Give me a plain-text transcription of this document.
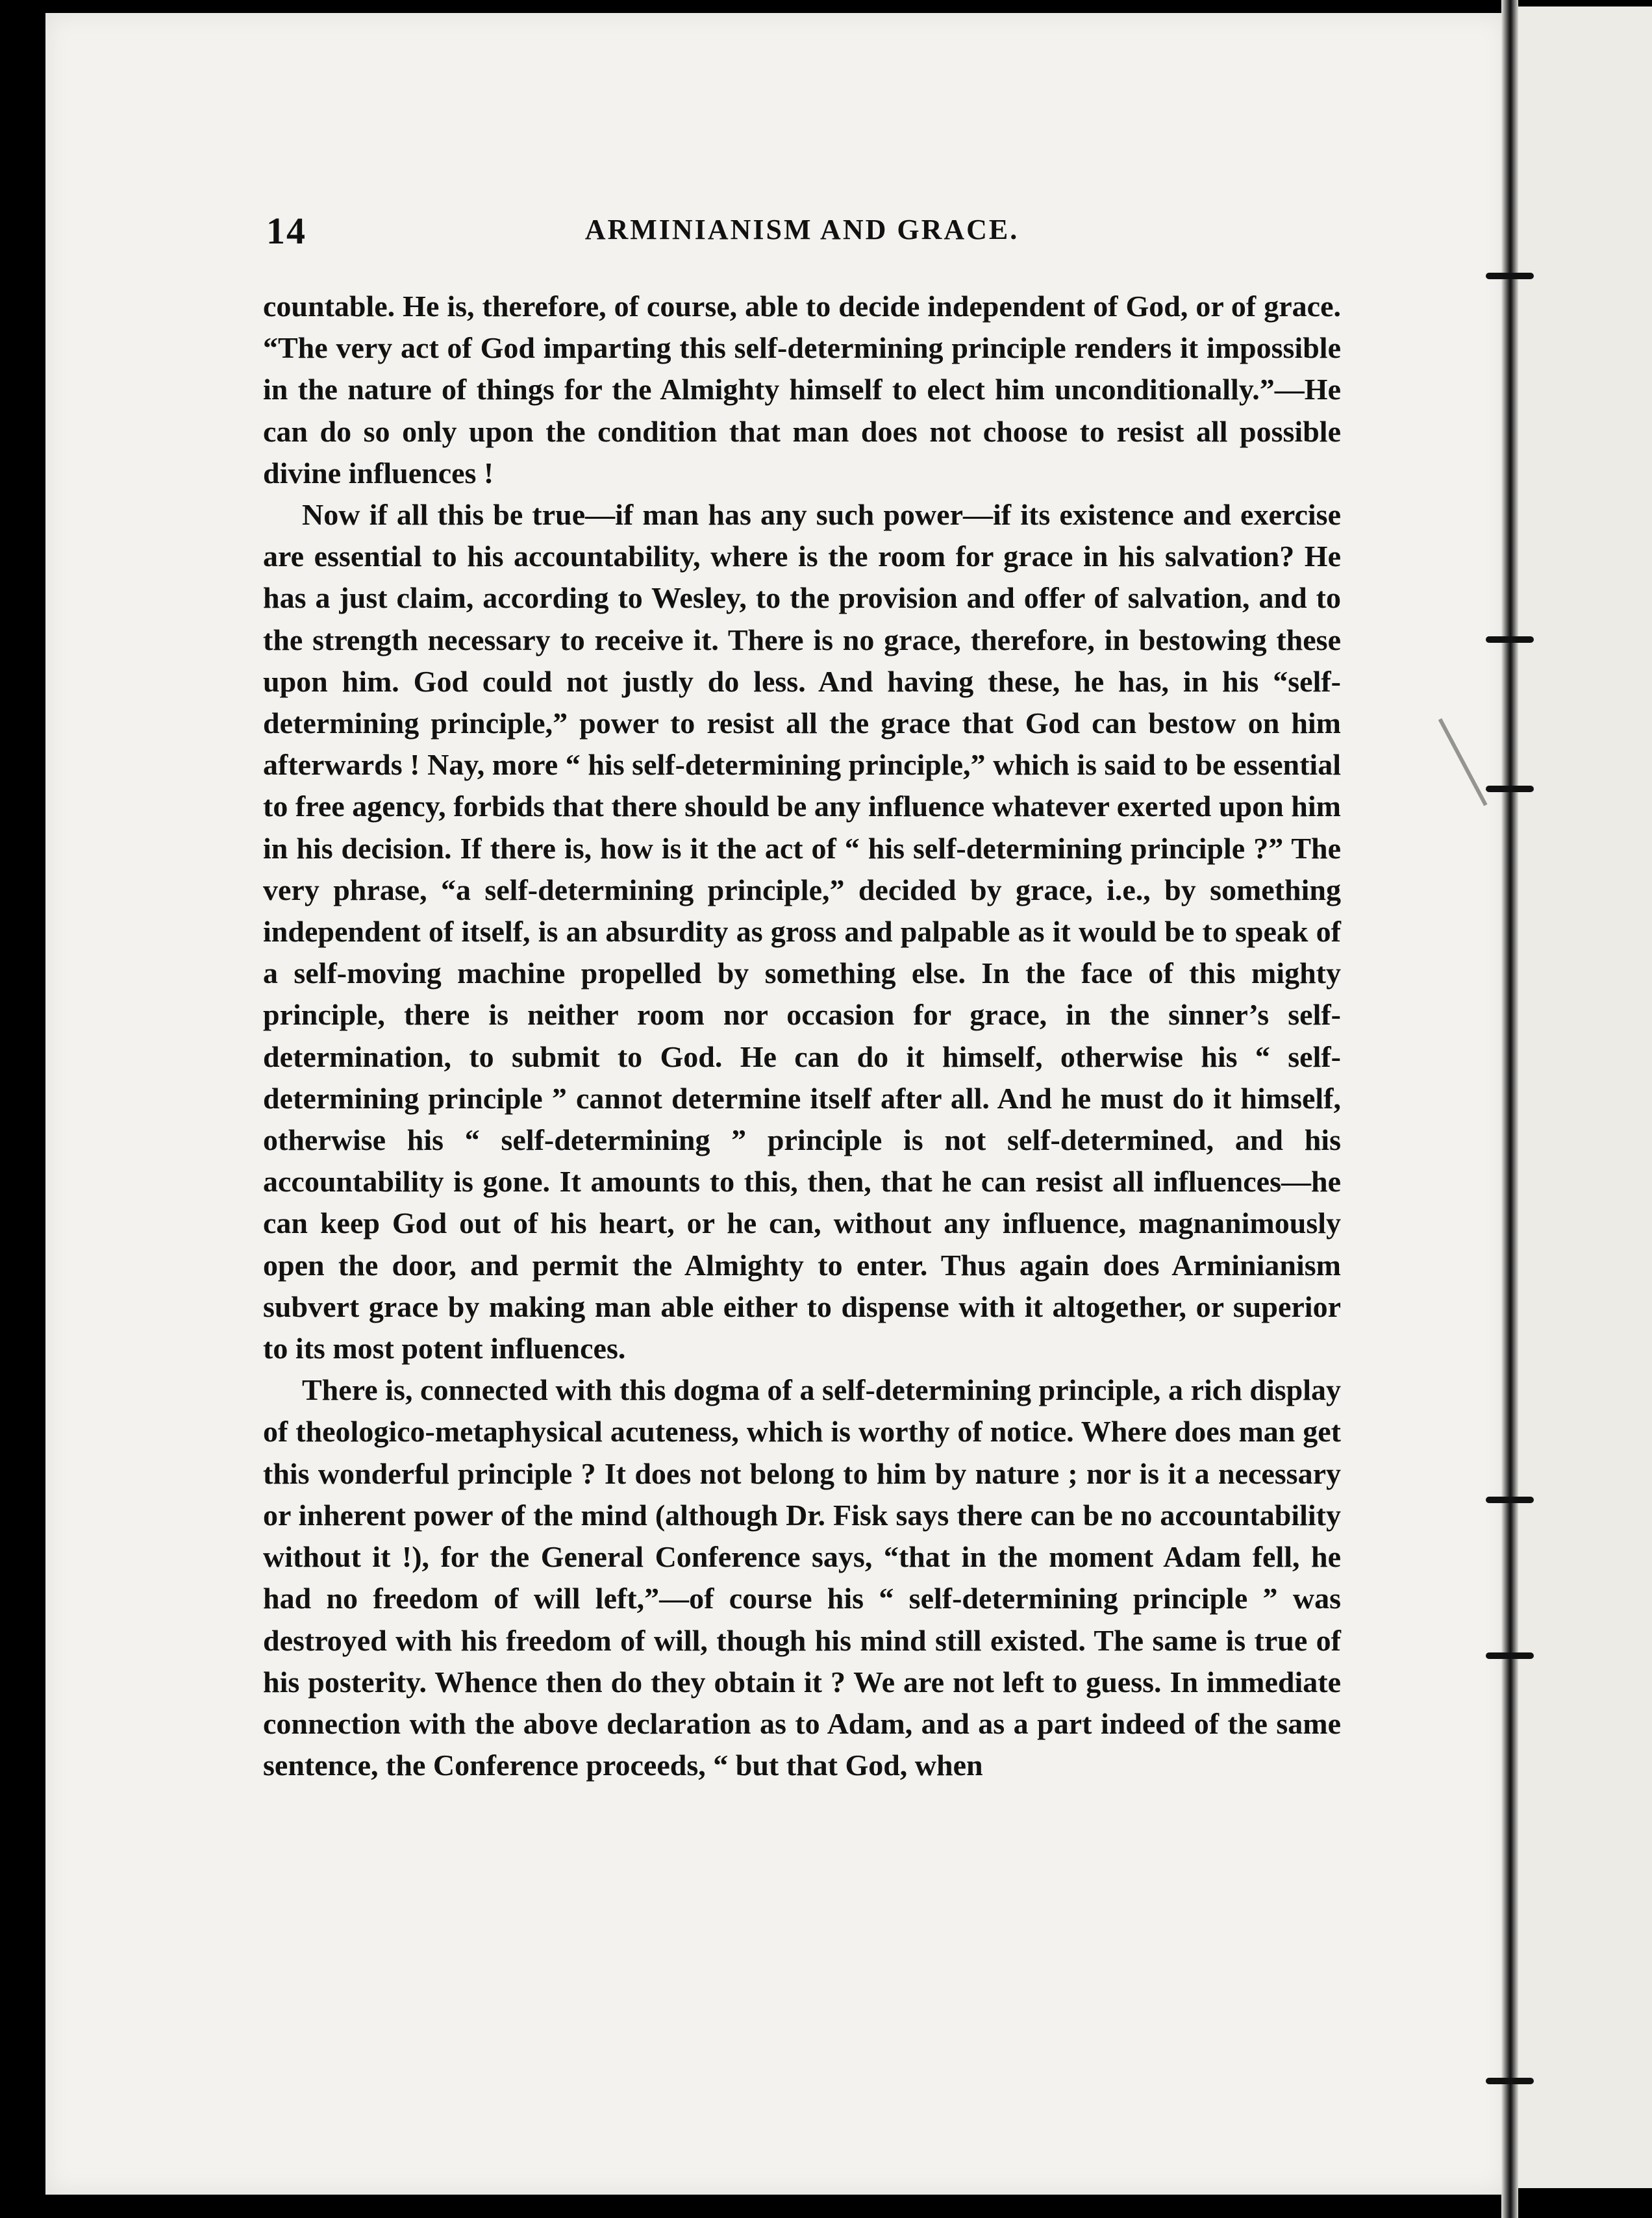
14	ARMINIANISM AND GRACE.

countable. He is, therefore, of course, able to decide independent of God, or of grace. “The very act of God imparting this self-determining principle renders it impossible in the nature of things for the Almighty himself to elect him unconditionally.”—He can do so only upon the condition that man does not choose to resist all possible divine influences !

Now if all this be true—if man has any such power—if its existence and exercise are essential to his accountability, where is the room for grace in his salvation? He has a just claim, according to Wesley, to the provision and offer of salvation, and to the strength necessary to receive it. There is no grace, therefore, in bestowing these upon him. God could not justly do less. And having these, he has, in his “self-determining principle,” power to resist all the grace that God can bestow on him afterwards ! Nay, more “ his self-determining principle,” which is said to be essential to free agency, forbids that there should be any influence whatever exerted upon him in his decision. If there is, how is it the act of “ his self-determining principle ?” The very phrase, “a self-determining principle,” decided by grace, i.e., by something independent of itself, is an absurdity as gross and palpable as it would be to speak of a self-moving machine propelled by something else. In the face of this mighty principle, there is neither room nor occasion for grace, in the sinner’s self-determination, to submit to God. He can do it himself, otherwise his “ self-determining principle ” cannot determine itself after all. And he must do it himself, otherwise his “ self-determining ” principle is not self-determined, and his accountability is gone. It amounts to this, then, that he can resist all influences—he can keep God out of his heart, or he can, without any influence, magnanimously open the door, and permit the Almighty to enter. Thus again does Arminianism subvert grace by making man able either to dispense with it altogether, or superior to its most potent influences.

There is, connected with this dogma of a self-determining principle, a rich display of theologico-metaphysical acuteness, which is worthy of notice. Where does man get this wonderful principle ? It does not belong to him by nature ; nor is it a necessary or inherent power of the mind (although Dr. Fisk says there can be no accountability without it !), for the General Conference says, “that in the moment Adam fell, he had no freedom of will left,”—of course his “ self-determining principle ” was destroyed with his freedom of will, though his mind still existed. The same is true of his posterity. Whence then do they obtain it ? We are not left to guess. In immediate connection with the above declaration as to Adam, and as a part indeed of the same sentence, the Conference proceeds, “ but that God, when
